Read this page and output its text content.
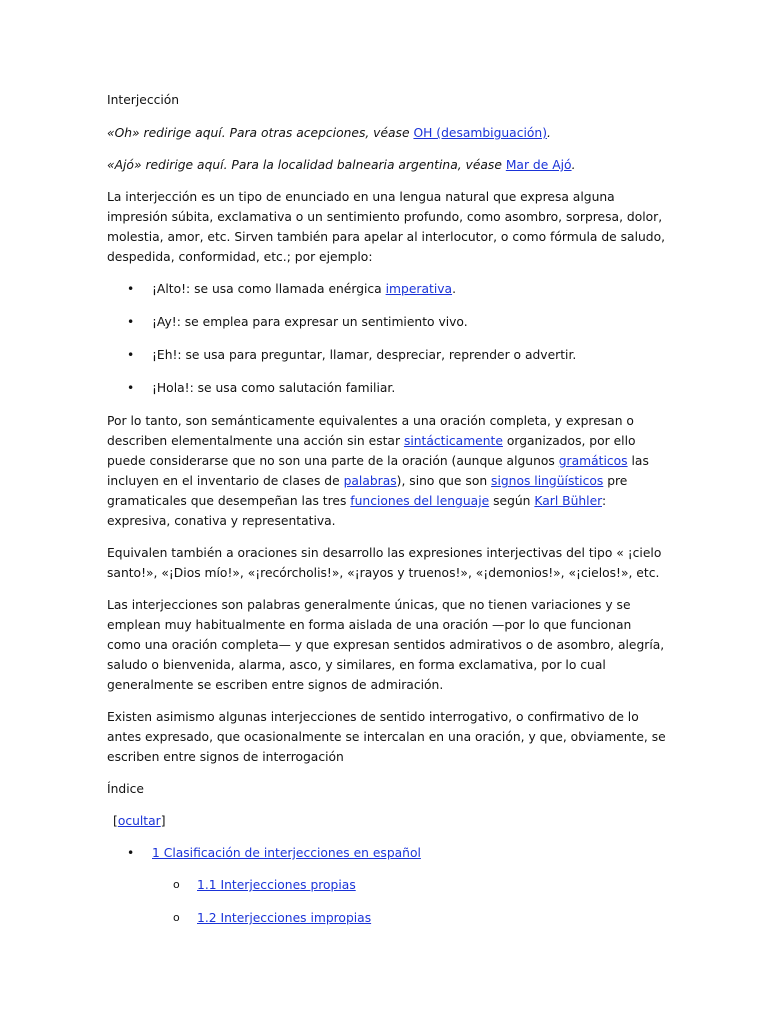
Interjección

«Oh» redirige aquí. Para otras acepciones, véase OH (desambiguación).

«Ajó» redirige aquí. Para la localidad balnearia argentina, véase Mar de Ajó.

La interjección es un tipo de enunciado en una lengua natural que expresa alguna impresión súbita, exclamativa o un sentimiento profundo, como asombro, sorpresa, dolor, molestia, amor, etc. Sirven también para apelar al interlocutor, o como fórmula de saludo, despedida, conformidad, etc.; por ejemplo:

• ¡Alto!: se usa como llamada enérgica imperativa.
• ¡Ay!: se emplea para expresar un sentimiento vivo.
• ¡Eh!: se usa para preguntar, llamar, despreciar, reprender o advertir.
• ¡Hola!: se usa como salutación familiar.

Por lo tanto, son semánticamente equivalentes a una oración completa, y expresan o describen elementalmente una acción sin estar sintácticamente organizados, por ello puede considerarse que no son una parte de la oración (aunque algunos gramáticos las incluyen en el inventario de clases de palabras), sino que son signos lingüísticos pre gramaticales que desempeñan las tres funciones del lenguaje según Karl Bühler: expresiva, conativa y representativa.

Equivalen también a oraciones sin desarrollo las expresiones interjectivas del tipo « ¡cielo santo!», «¡Dios mío!», «¡recórcholis!», «¡rayos y truenos!», «¡demonios!», «¡cielos!», etc.

Las interjecciones son palabras generalmente únicas, que no tienen variaciones y se emplean muy habitualmente en forma aislada de una oración —por lo que funcionan como una oración completa— y que expresan sentidos admirativos o de asombro, alegría, saludo o bienvenida, alarma, asco, y similares, en forma exclamativa, por lo cual generalmente se escriben entre signos de admiración.

Existen asimismo algunas interjecciones de sentido interrogativo, o confirmativo de lo antes expresado, que ocasionalmente se intercalan en una oración, y que, obviamente, se escriben entre signos de interrogación

Índice

[ocultar]

• 1 Clasificación de interjecciones en español
o 1.1 Interjecciones propias
o 1.2 Interjecciones impropias
